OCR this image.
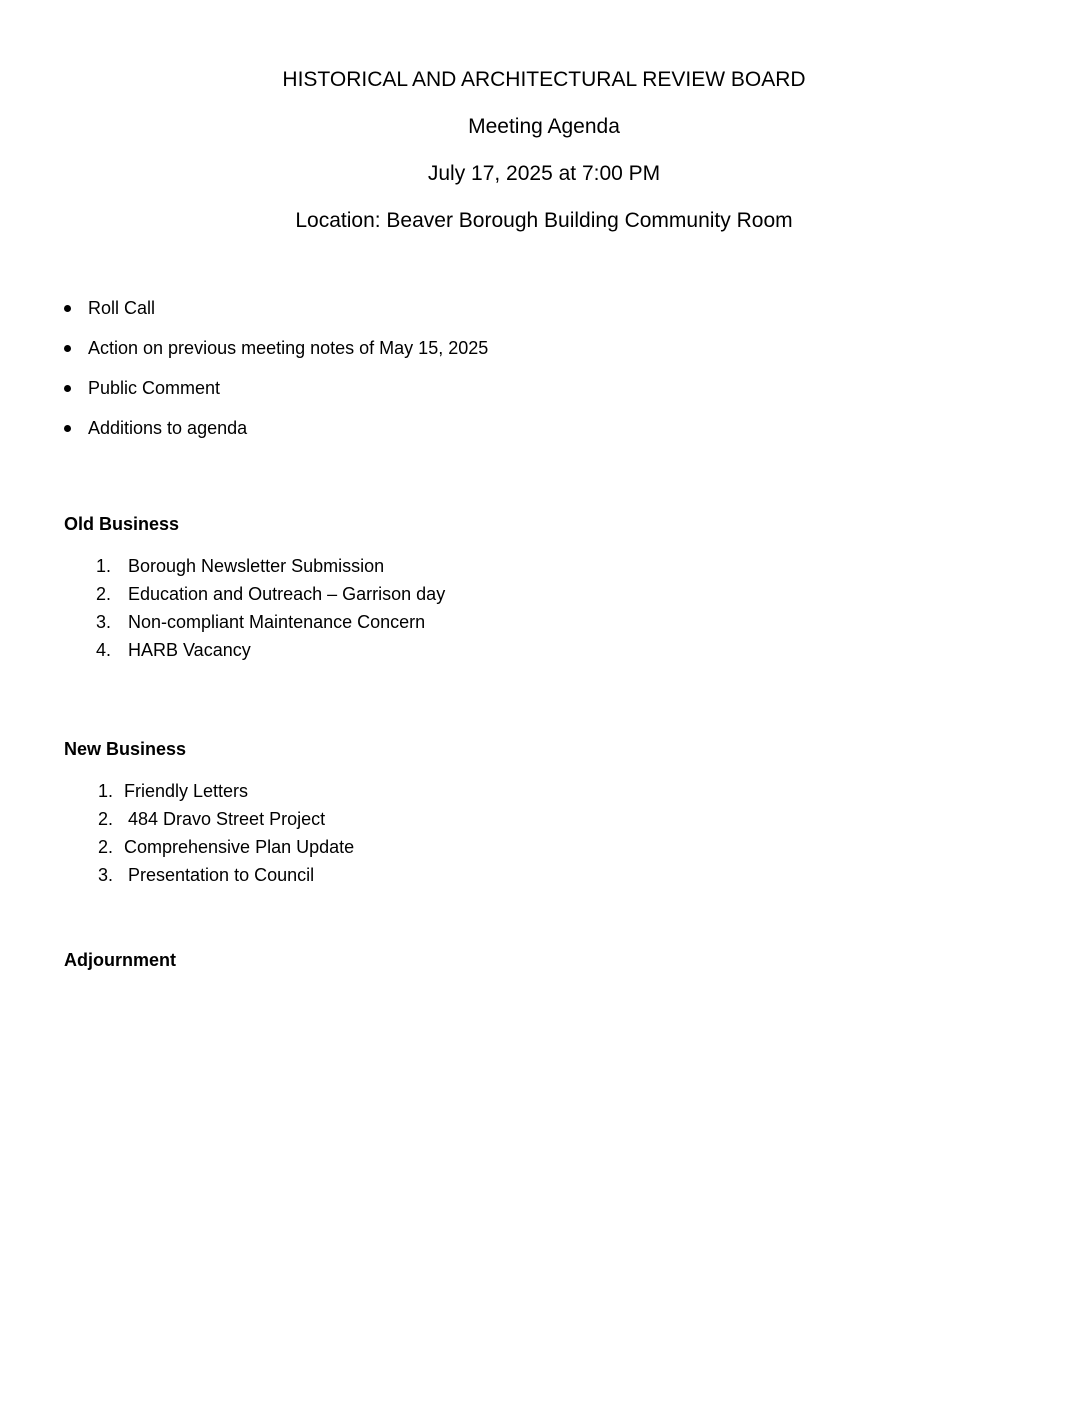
HISTORICAL AND ARCHITECTURAL REVIEW BOARD
Meeting Agenda
July 17, 2025 at 7:00 PM
Location: Beaver Borough Building Community Room
Roll Call
Action on previous meeting notes of May 15, 2025
Public Comment
Additions to agenda
Old Business
1. Borough Newsletter Submission
2. Education and Outreach – Garrison day
3. Non-compliant Maintenance Concern
4. HARB Vacancy
New Business
1. Friendly Letters
2. 484 Dravo Street Project
2. Comprehensive Plan Update
3. Presentation to Council
Adjournment
